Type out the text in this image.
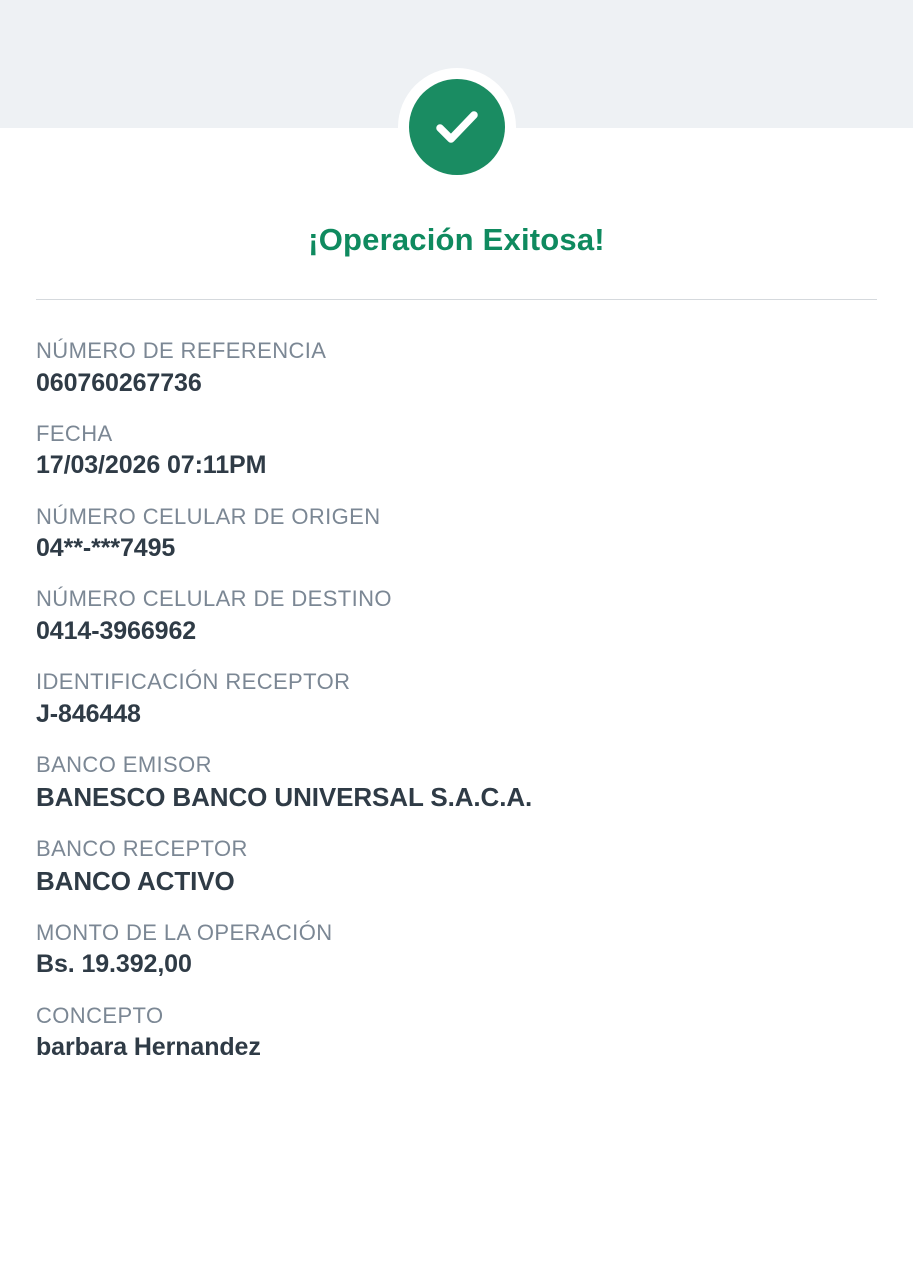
¡Operación Exitosa!

NÚMERO DE REFERENCIA

060760267736

FECHA

17/03/2026 07:11PM

NÚMERO CELULAR DE ORIGEN

04**-***7495

NÚMERO CELULAR DE DESTINO

0414-3966962

IDENTIFICACIÓN RECEPTOR

J-846448

BANCO EMISOR

BANESCO BANCO UNIVERSAL S.A.C.A.

BANCO RECEPTOR

BANCO ACTIVO

MONTO DE LA OPERACIÓN

Bs. 19.392,00

CONCEPTO

barbara Hernandez
